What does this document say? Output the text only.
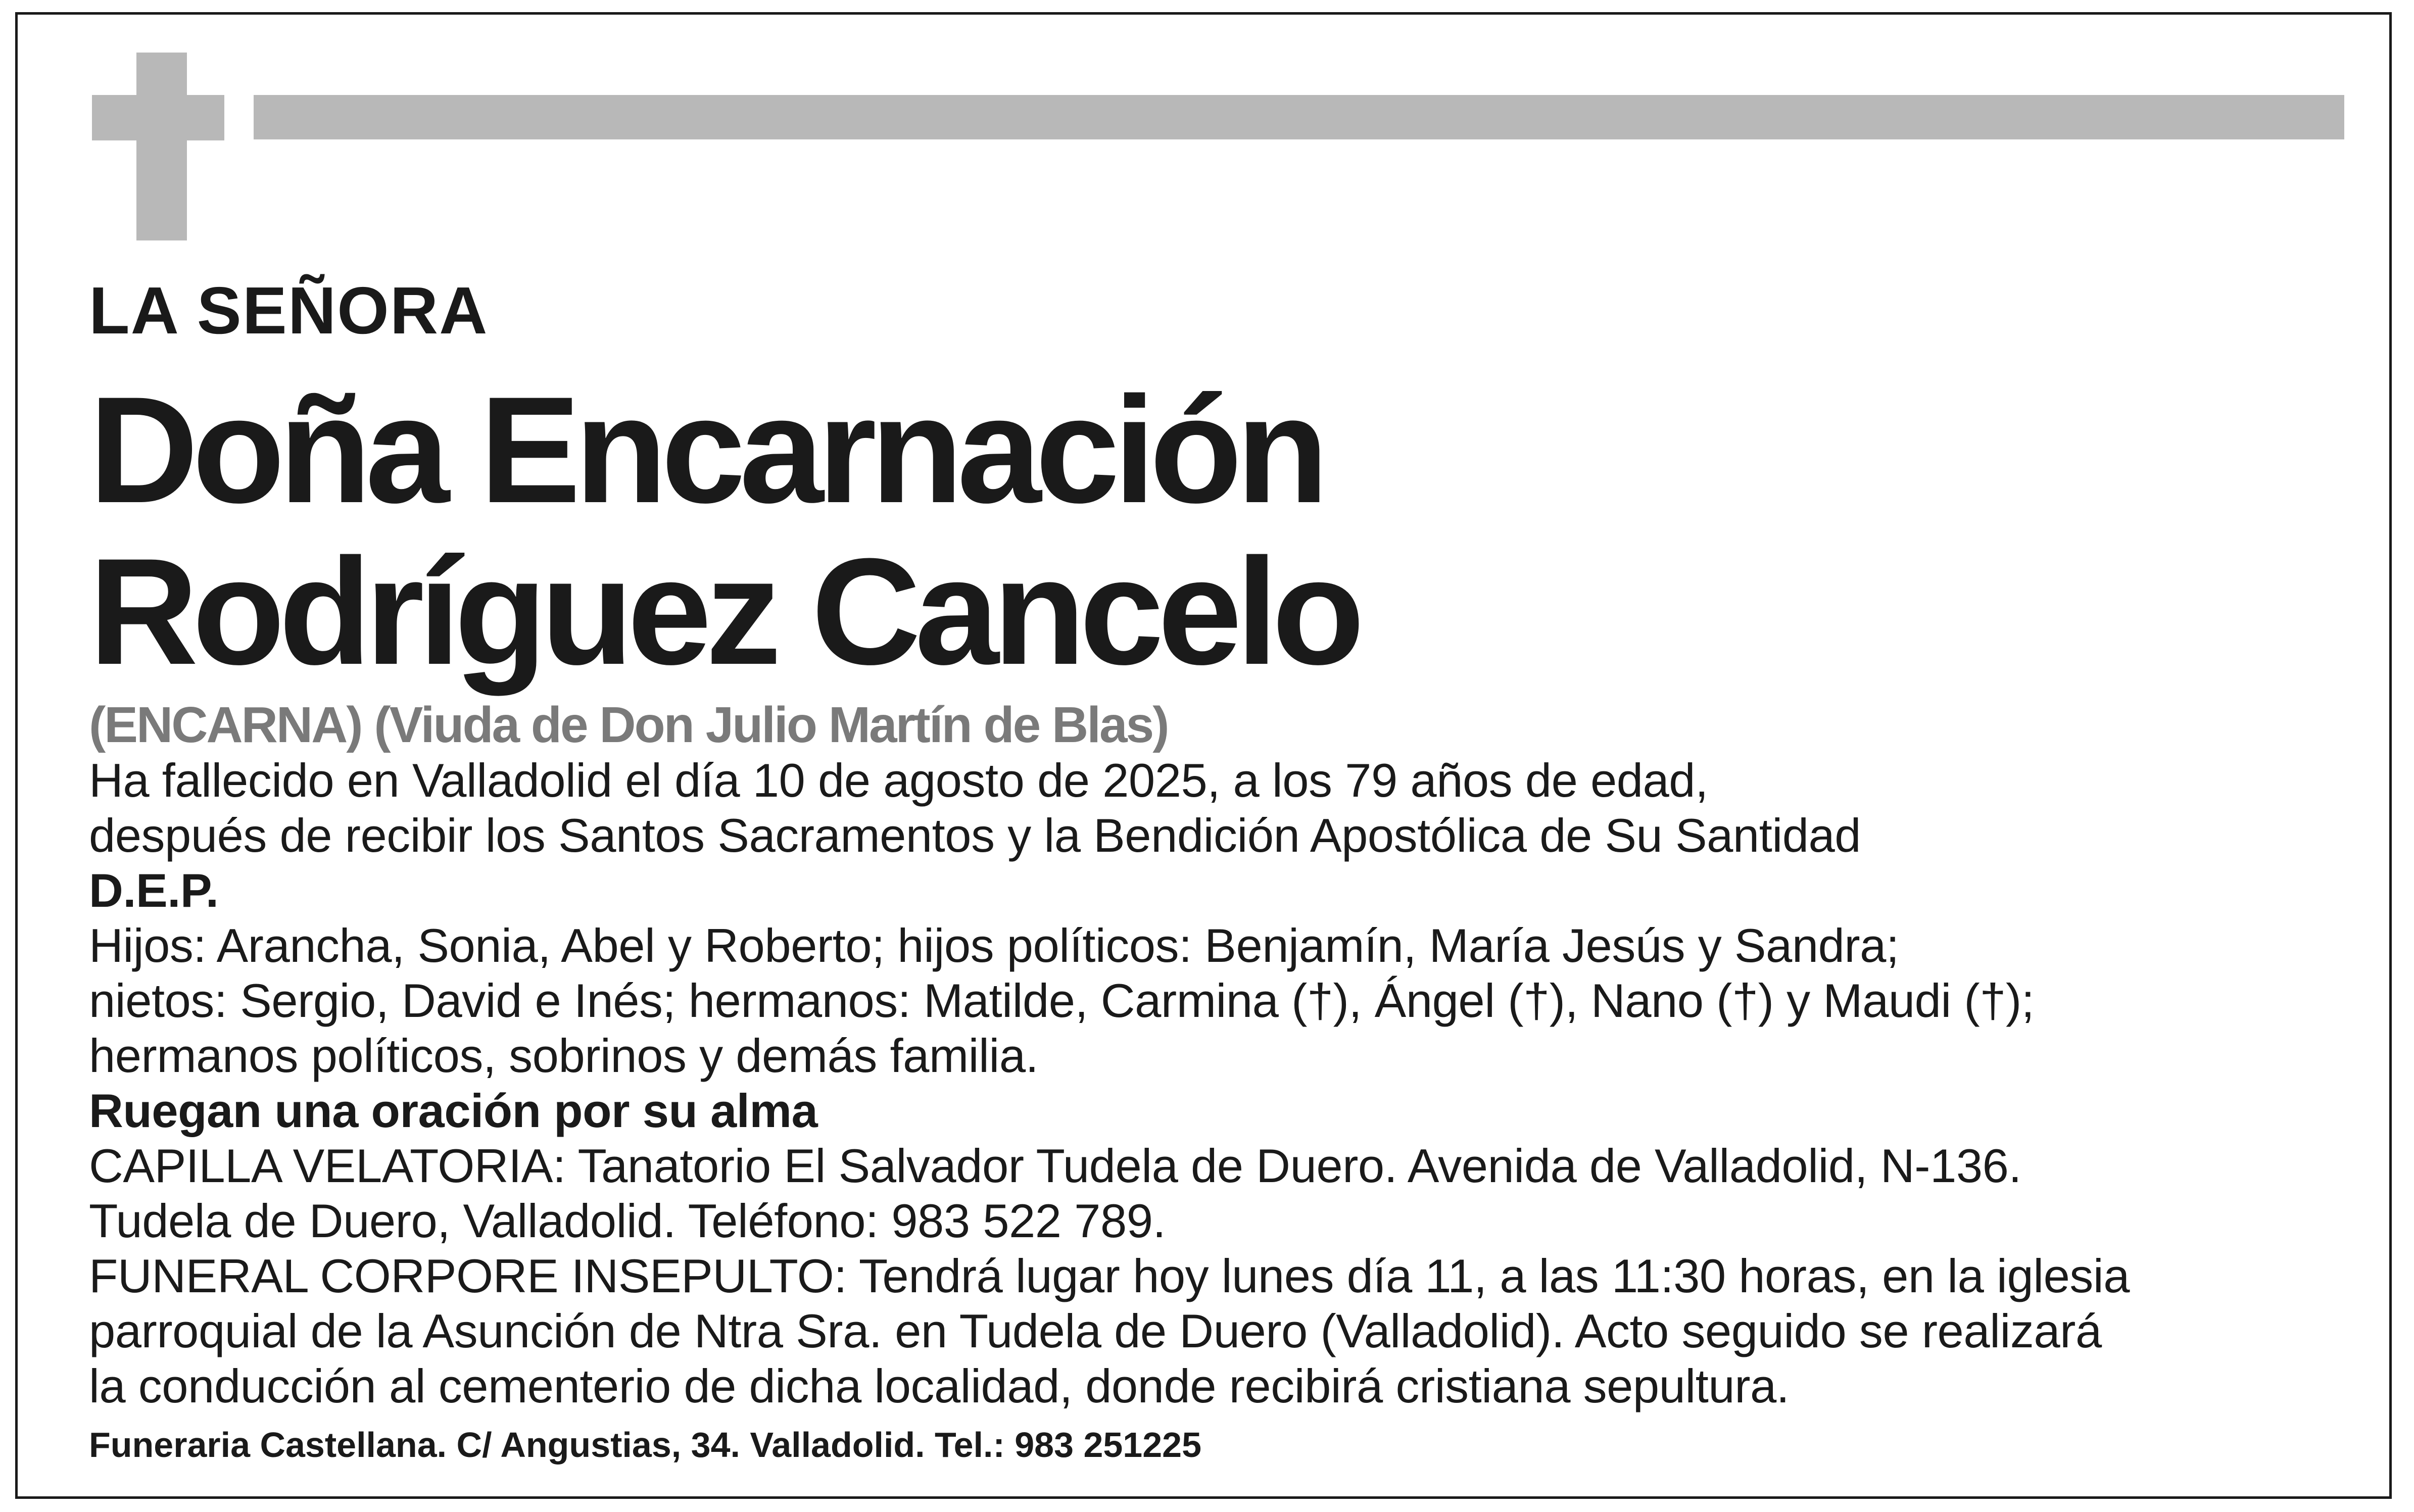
LA SEÑORA
Doña Encarnación
Rodríguez Cancelo
(ENCARNA) (Viuda de Don Julio Martín de Blas)
Ha fallecido en Valladolid el día 10 de agosto de 2025, a los 79 años de edad,
después de recibir los Santos Sacramentos y la Bendición Apostólica de Su Santidad
D.E.P.
Hijos: Arancha, Sonia, Abel y Roberto; hijos políticos: Benjamín, María Jesús y Sandra;
nietos: Sergio, David e Inés; hermanos: Matilde, Carmina (†), Ángel (†), Nano (†) y Maudi (†);
hermanos políticos, sobrinos y demás familia.
Ruegan una oración por su alma
CAPILLA VELATORIA: Tanatorio El Salvador Tudela de Duero. Avenida de Valladolid, N-136.
Tudela de Duero, Valladolid. Teléfono: 983 522 789.
FUNERAL CORPORE INSEPULTO: Tendrá lugar hoy lunes día 11, a las 11:30 horas, en la iglesia
parroquial de la Asunción de Ntra Sra. en Tudela de Duero (Valladolid). Acto seguido se realizará
la conducción al cementerio de dicha localidad, donde recibirá cristiana sepultura.
Funeraria Castellana. C/ Angustias, 34. Valladolid. Tel.: 983 251225
